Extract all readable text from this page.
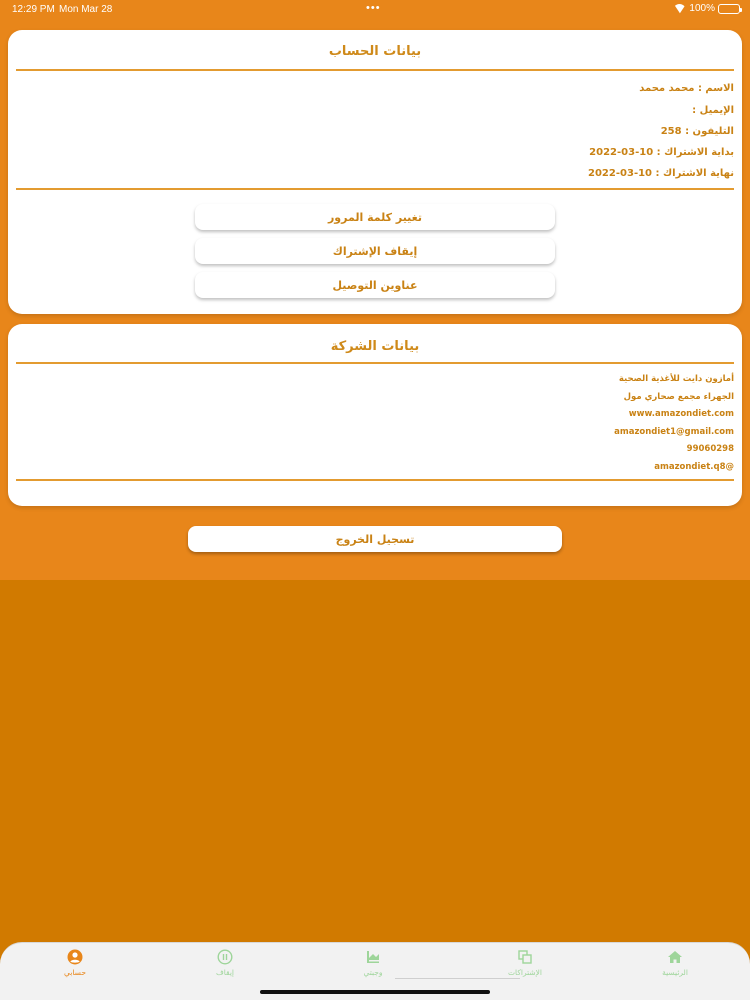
12:29 PM Mon Mar 28	•••	100%
بيانات الحساب
الاسم : محمد محمد
الإيميل :
التليفون : 258
بداية الاشتراك : 10-03-2022
نهاية الاشتراك : 10-03-2022
تغيير كلمة المرور
إيقاف الإشتراك
عناوين التوصيل
بيانات الشركة
أمازون دايت للأغذية الصحية
الجهراء مجمع صحاري مول
www.amazondiet.com
amazondiet1@gmail.com
99060298
@amazondiet.q8
تسجيل الخروج
حسابي	إيقاف	وجبتي	الإشتراكات	الرئيسية
